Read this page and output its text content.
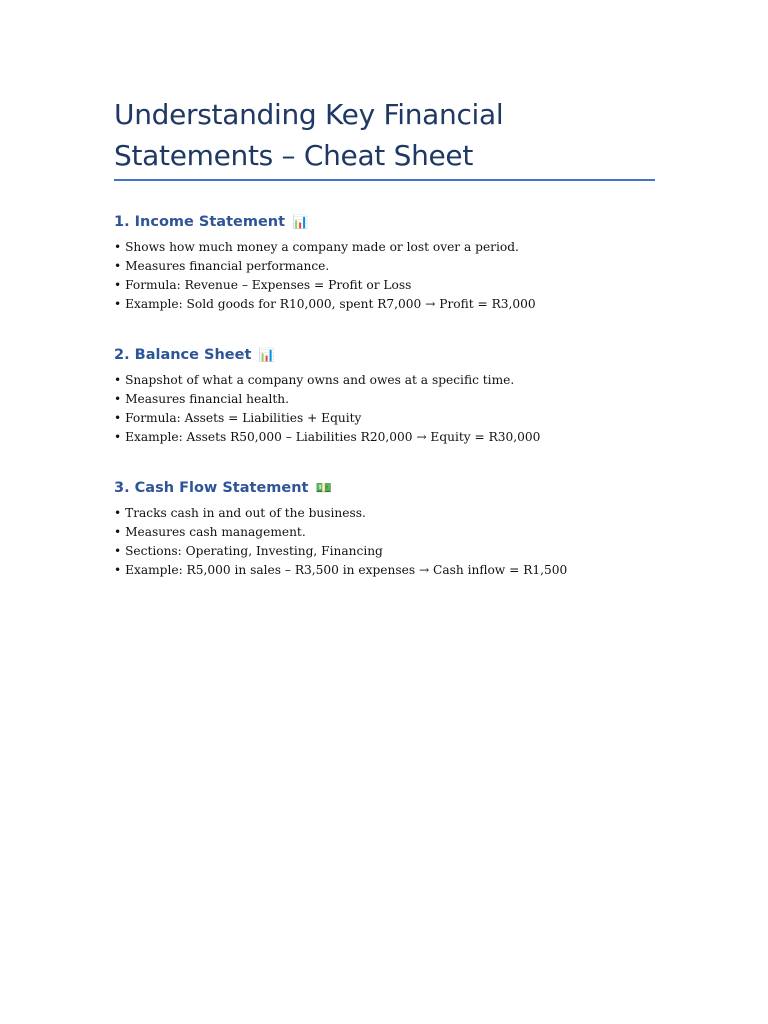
Understanding Key Financial
Statements – Cheat Sheet
1. Income Statement 📊
• Shows how much money a company made or lost over a period.
• Measures financial performance.
• Formula: Revenue – Expenses = Profit or Loss
• Example: Sold goods for R10,000, spent R7,000 → Profit = R3,000
2. Balance Sheet 📊
• Snapshot of what a company owns and owes at a specific time.
• Measures financial health.
• Formula: Assets = Liabilities + Equity
• Example: Assets R50,000 – Liabilities R20,000 → Equity = R30,000
3. Cash Flow Statement 💵
• Tracks cash in and out of the business.
• Measures cash management.
• Sections: Operating, Investing, Financing
• Example: R5,000 in sales – R3,500 in expenses → Cash inflow = R1,500
